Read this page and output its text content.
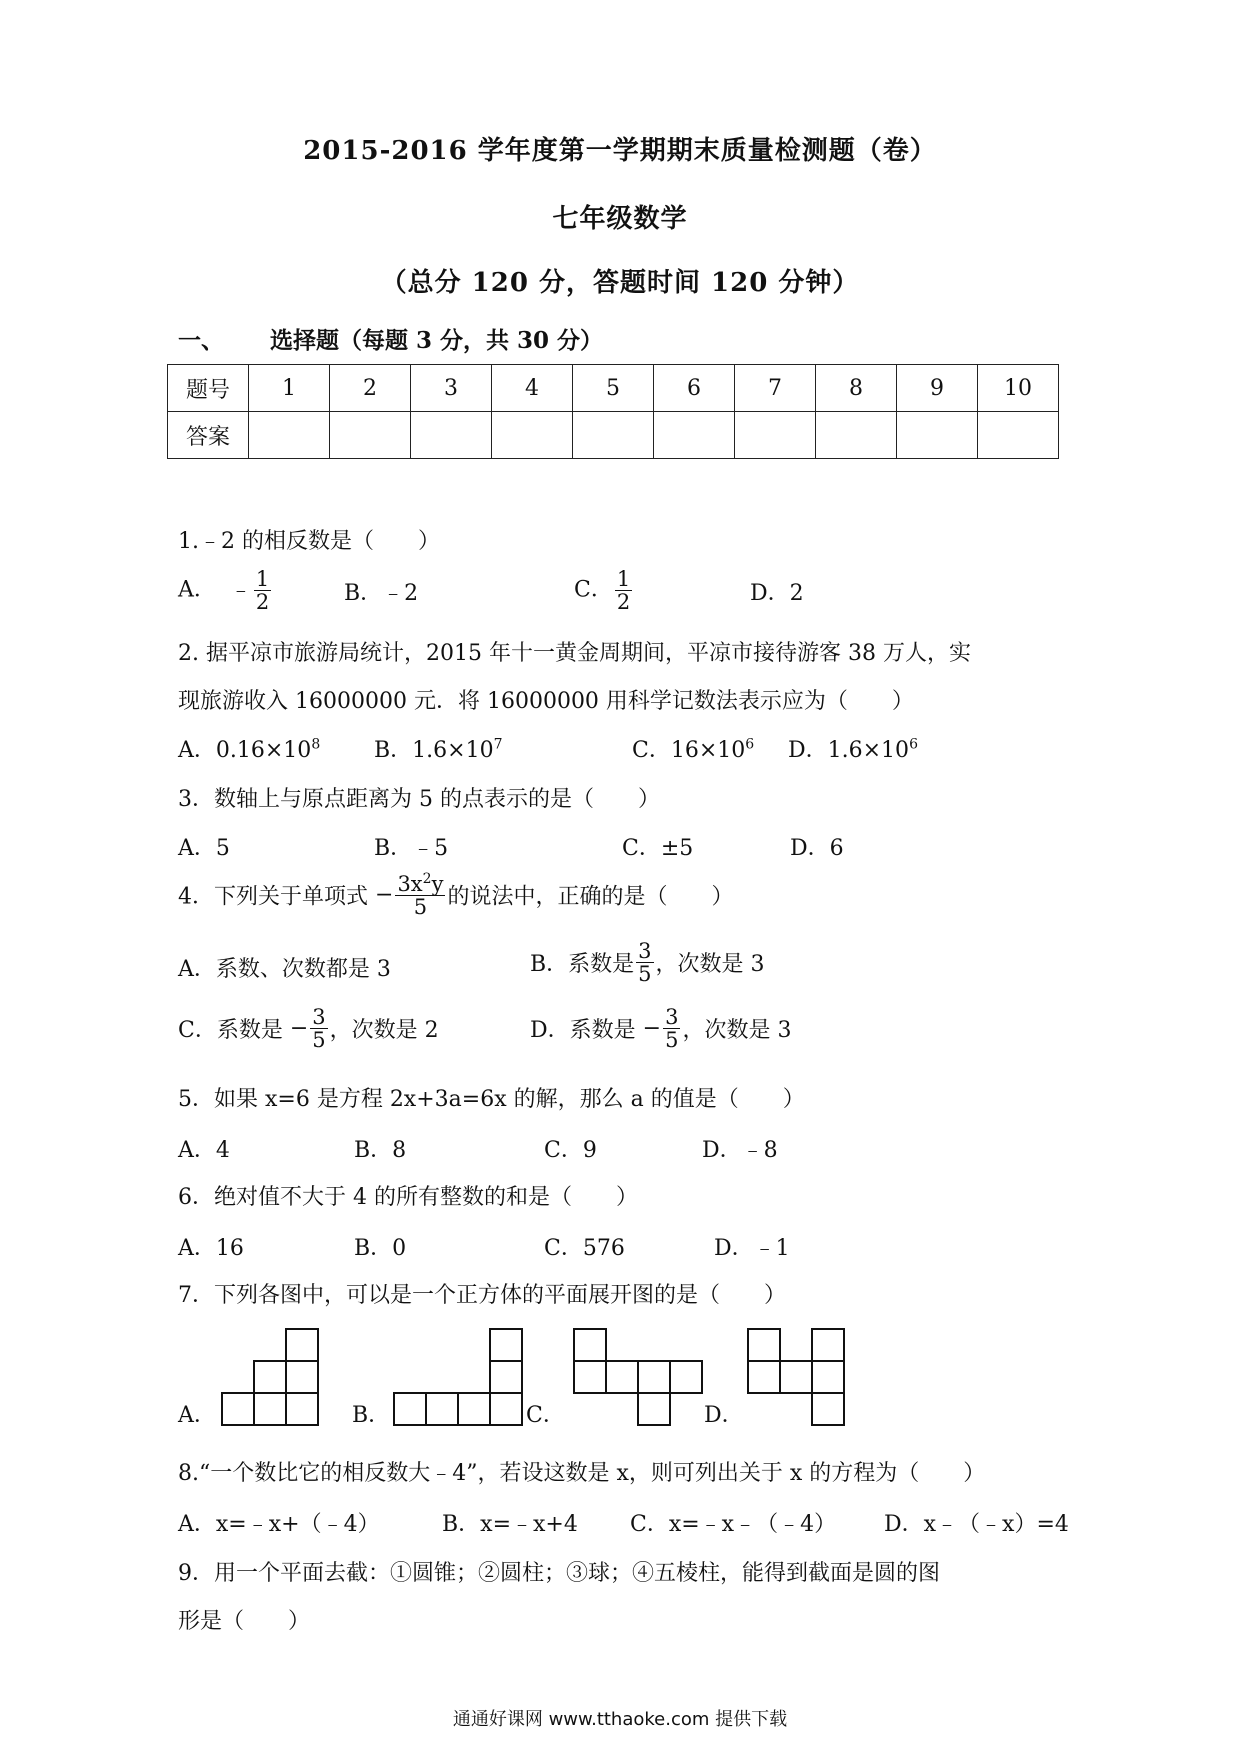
2015-2016 学年度第一学期期末质量检测题（卷）
七年级数学
（总分 120 分，答题时间 120 分钟）
一、 选择题（每题 3 分，共 30 分）
题号	1	2	3	4	5	6	7	8	9	10
答案										
1.﹣2 的相反数是（　　）
A． ﹣ $\frac{1}{2}$	B．﹣2	C． $\frac{1}{2}$	D．2
2. 据平凉市旅游局统计，2015 年十一黄金周期间，平凉市接待游客 38 万人，实
现旅游收入 16000000 元．将 16000000 用科学记数法表示应为（　　）
A．$0.16\times 10^8$ B．$1.6\times 10^7$	C．$16\times 10^6$ D．$1.6\times 10^6$
3．数轴上与原点距离为 5 的点表示的是（　　）
A．5	B．﹣5	C．±5	D．6
4．下列关于单项式 − $\frac{3x^2y}{5}$ 的说法中，正确的是（　　）
A．系数、次数都是 3	B．系数是 $\frac{3}{5}$ ，次数是 3
C．系数是 − $\frac{3}{5}$ ，次数是 2	D．系数是 − $\frac{3}{5}$ ，次数是 3
5．如果 x=6 是方程 2x+3a=6x 的解，那么 a 的值是（　　）
A．4	B．8	C．9	D．﹣8
6．绝对值不大于 4 的所有整数的和是（　　）
A．16	B．0	C．576	D．﹣1
7．下列各图中，可以是一个正方体的平面展开图的是（　　）
A．	B．	C．	D．
8.“一个数比它的相反数大﹣4”，若设这数是 x，则可列出关于 x 的方程为（　　）
A．x=﹣x+（﹣4）	B．x=﹣x+4 C．x=﹣x﹣（﹣4） D．x﹣（﹣x）=4
9．用一个平面去截：①圆锥；②圆柱；③球；④五棱柱，能得到截面是圆的图
形是（　　）
通通好课网 www.tthaoke.com 提供下载
